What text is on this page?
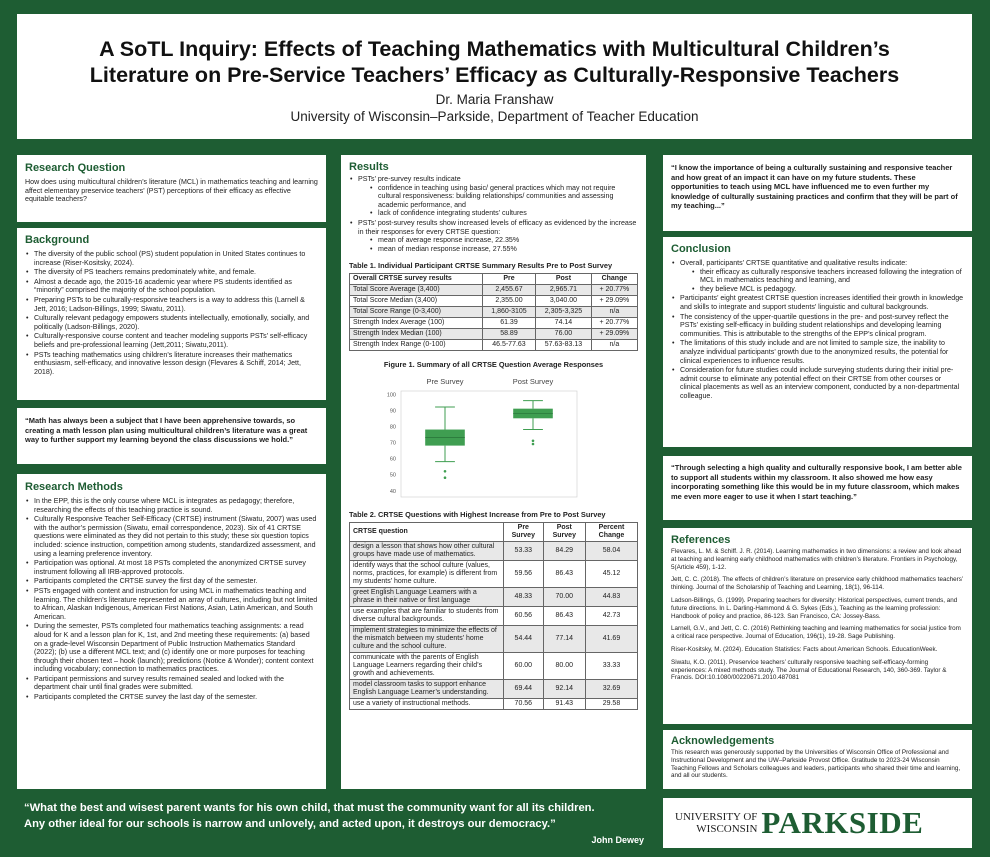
A SoTL Inquiry: Effects of Teaching Mathematics with Multicultural Children’s
Literature on Pre-Service Teachers’ Efficacy as Culturally-Responsive Teachers
Dr. Maria Franshaw
University of Wisconsin–Parkside, Department of Teacher Education
Research Question
How does using multicultural children’s literature (MCL) in mathematics teaching and learning affect elementary preservice teachers’ (PST) perceptions of their efficacy as effective equitable teachers?
Background
• The diversity of the public school (PS) student population in United States continues to increase (Riser-Kositsky, 2024).
• The diversity of PS teachers remains predominately white, and female.
• Almost a decade ago, the 2015-16 academic year where PS students identified as “minority” comprised the majority of the school population.
• Preparing PSTs to be culturally-responsive teachers is a way to address this (Larnell & Jett, 2016; Ladson-Billings, 1999; Siwatu, 2011).
• Culturally relevant pedagogy empowers students intellectually, emotionally, socially, and politically (Ladson-Billings, 2020).
• Culturally-responsive course content and teacher modeling supports PSTs’ self-efficacy beliefs and pre-professional learning (Jett,2011; Siwatu,2011).
• PSTs teaching mathematics using children’s literature increases their mathematics enthusiasm, self-efficacy, and innovative lesson design (Flevares & Schiff, 2014; Jett, 2018).
“Math has always been a subject that I have been apprehensive towards, so creating a math lesson plan using multicultural children’s literature was a great way to further support my learning beyond the class discussions we hold.”
Research Methods
• In the EPP, this is the only course where MCL is integrates as pedagogy; therefore, researching the effects of this teaching practice is sound.
• Culturally Responsive Teacher Self-Efficacy (CRTSE) instrument (Siwatu, 2007) was used with the author’s permission (Siwatu, email correspondence, 2023). Six of 41 CRTSE questions were eliminated as they did not pertain to this study; these six question topics included: science instruction, competition among students, standardized assessment, and using a learning preference inventory.
• Participation was optional. At most 18 PSTs completed the anonymized CRTSE survey instrument following all IRB-approved protocols.
• Participants completed the CRTSE survey the first day of the semester.
• PSTs engaged with content and instruction for using MCL in mathematics teaching and learning. The children’s literature represented an array of cultures, including but not limited to African, Alaskan Indigenous, American First Nations, Asian, Latin American, and South American.
• During the semester, PSTs completed four mathematics teaching assignments: a read aloud for K and a lesson plan for K, 1st, and 2nd meeting these requirements: (a) based on a grade-level Wisconsin Department of Public Instruction Mathematics Standard (2022); (b) use a different MCL text; and (c) identify one or more purposes for teaching through their chosen text – hook (launch); predictions (Notice & Wonder); content context including vocabulary; connection to mathematics practices.
• Participant permissions and survey results remained sealed and locked with the department chair until final grades were submitted.
• Participants completed the CRTSE survey the last day of the semester.
Results
• PSTs’ pre-survey results indicate
• confidence in teaching using basic/ general practices which may not require cultural responsiveness: building relationships/ communities and assessing academic performance, and
• lack of confidence integrating students’ cultures
• PSTs’ post-survey results show increased levels of efficacy as evidenced by the increase in their responses for every CRTSE question:
• mean of average response increase, 22.35%
• mean of median response increase, 27.55%
Table 1. Individual Participant CRTSE Summary Results Pre to Post Survey
Overall CRTSE survey results	Pre	Post	Change
Total Score Average (3,400)	2,455.67	2,965.71	+ 20.77%
Total Score Median (3,400)	2,355.00	3,040.00	+ 29.09%
Total Score Range (0-3,400)	1,860-3105	2,305-3,325	n/a
Strength Index Average (100)	61.39	74.14	+ 20.77%
Strength Index Median (100)	58.89	76.00	+ 29.09%
Strength Index Range (0-100)	46.5-77.63	57.63-83.13	n/a
Figure 1. Summary of all CRTSE Question Average Responses
40
50
60
70
80
90
100
Pre Survey	Post Survey
Table 2. CRTSE Questions with Highest Increase from Pre to Post Survey
CRTSE question	Pre Survey	Post Survey	Percent Change
design a lesson that shows how other cultural groups have made use of mathematics.	53.33	84.29	58.04
identify ways that the school culture (values, norms, practices, for example) is different from my students’ home culture.	59.56	86.43	45.12
greet English Language Learners with a phrase in their native or first language	48.33	70.00	44.83
use examples that are familiar to students from diverse cultural backgrounds.	60.56	86.43	42.73
implement strategies to minimize the effects of the mismatch between my students’ home culture and the school culture.	54.44	77.14	41.69
communicate with the parents of English Language Learners regarding their child’s growth and achievements.	60.00	80.00	33.33
model classroom tasks to support enhance English Language Learner’s understanding.	69.44	92.14	32.69
use a variety of instructional methods.	70.56	91.43	29.58
“I know the importance of being a culturally sustaining and responsive teacher and how great of an impact it can have on my future students. These opportunities to teach using MCL have influenced me to even further my knowledge of culturally sustaining practices and confirm that they will be part of my teaching...”
Conclusion
• Overall, participants’ CRTSE quantitative and qualitative results indicate:
• their efficacy as culturally responsive teachers increased following the integration of MCL in mathematics teaching and learning, and
• they believe MCL is pedagogy.
• Participants’ eight greatest CRTSE question increases identified their growth in knowledge and skills to integrate and support students’ linguistic and cultural backgrounds.
• The consistency of the upper-quartile questions in the pre- and post-survey reflect the PSTs’ existing self-efficacy in building student relationships and developing learning communities. This is attributable to the strengths of the EPP’s clinical program.
• The limitations of this study include and are not limited to sample size, the inability to analyze individual participants’ growth due to the anonymized results, the potential for clinical experiences to influence results.
• Consideration for future studies could include surveying students during their initial pre-admit course to eliminate any potential effect on their CRTSE from other courses or clinical placements as well as an interview component, conducted by a non-departmental colleague.
“Through selecting a high quality and culturally responsive book, I am better able to support all students within my classroom. It also showed me how easy incorporating something like this would be in my future classroom, which makes me even more eager to use it when I start teaching.”
References
Flevares, L. M. & Schiff. J. R. (2014). Learning mathematics in two dimensions: a review and look ahead at teaching and learning early childhood mathematics with children’s literature. Frontiers in Psychology, 5(Article 459), 1-12.
Jett, C. C. (2018). The effects of children’s literature on preservice early childhood mathematics teachers’ thinking. Journal of the Scholarship of Teaching and Learning, 18(1), 96-114.
Ladson-Billings, G. (1999). Preparing teachers for diversity: Historical perspectives, current trends, and future directions. In L. Darling-Hammond & G. Sykes (Eds.), Teaching as the learning profession: Handbook of policy and practice, 86-123. San Francisco, CA: Jossey-Bass.
Larnell, G.V., and Jett, C. C. (2016) Rethinking teaching and learning mathematics for social justice from a critical race perspective. Journal of Education, 196(1), 19-28. Sage Publishing.
Riser-Kositsky, M. (2024). Education Statistics: Facts about American Schools. EducationWeek.
Siwatu, K.O. (2011). Preservice teachers’ culturally responsive teaching self-efficacy-forming experiences: A mixed methods study. The Journal of Educational Research, 140, 360-369. Taylor & Francis. DOI:10.1080/00220671.2010.487081
Acknowledgements
This research was generously supported by the Universities of Wisconsin Office of Professional and Instructional Development and the UW–Parkside Provost Office. Gratitude to 2023-24 Wisconsin Teaching Fellows and Scholars colleagues and leaders, participants who shared their time and learning, and all our students.
“What the best and wisest parent wants for his own child, that must the community want for all its children.
Any other ideal for our schools is narrow and unlovely, and acted upon, it destroys our democracy.”
John Dewey
UNIVERSITY OF
WISCONSIN PARKSIDE
